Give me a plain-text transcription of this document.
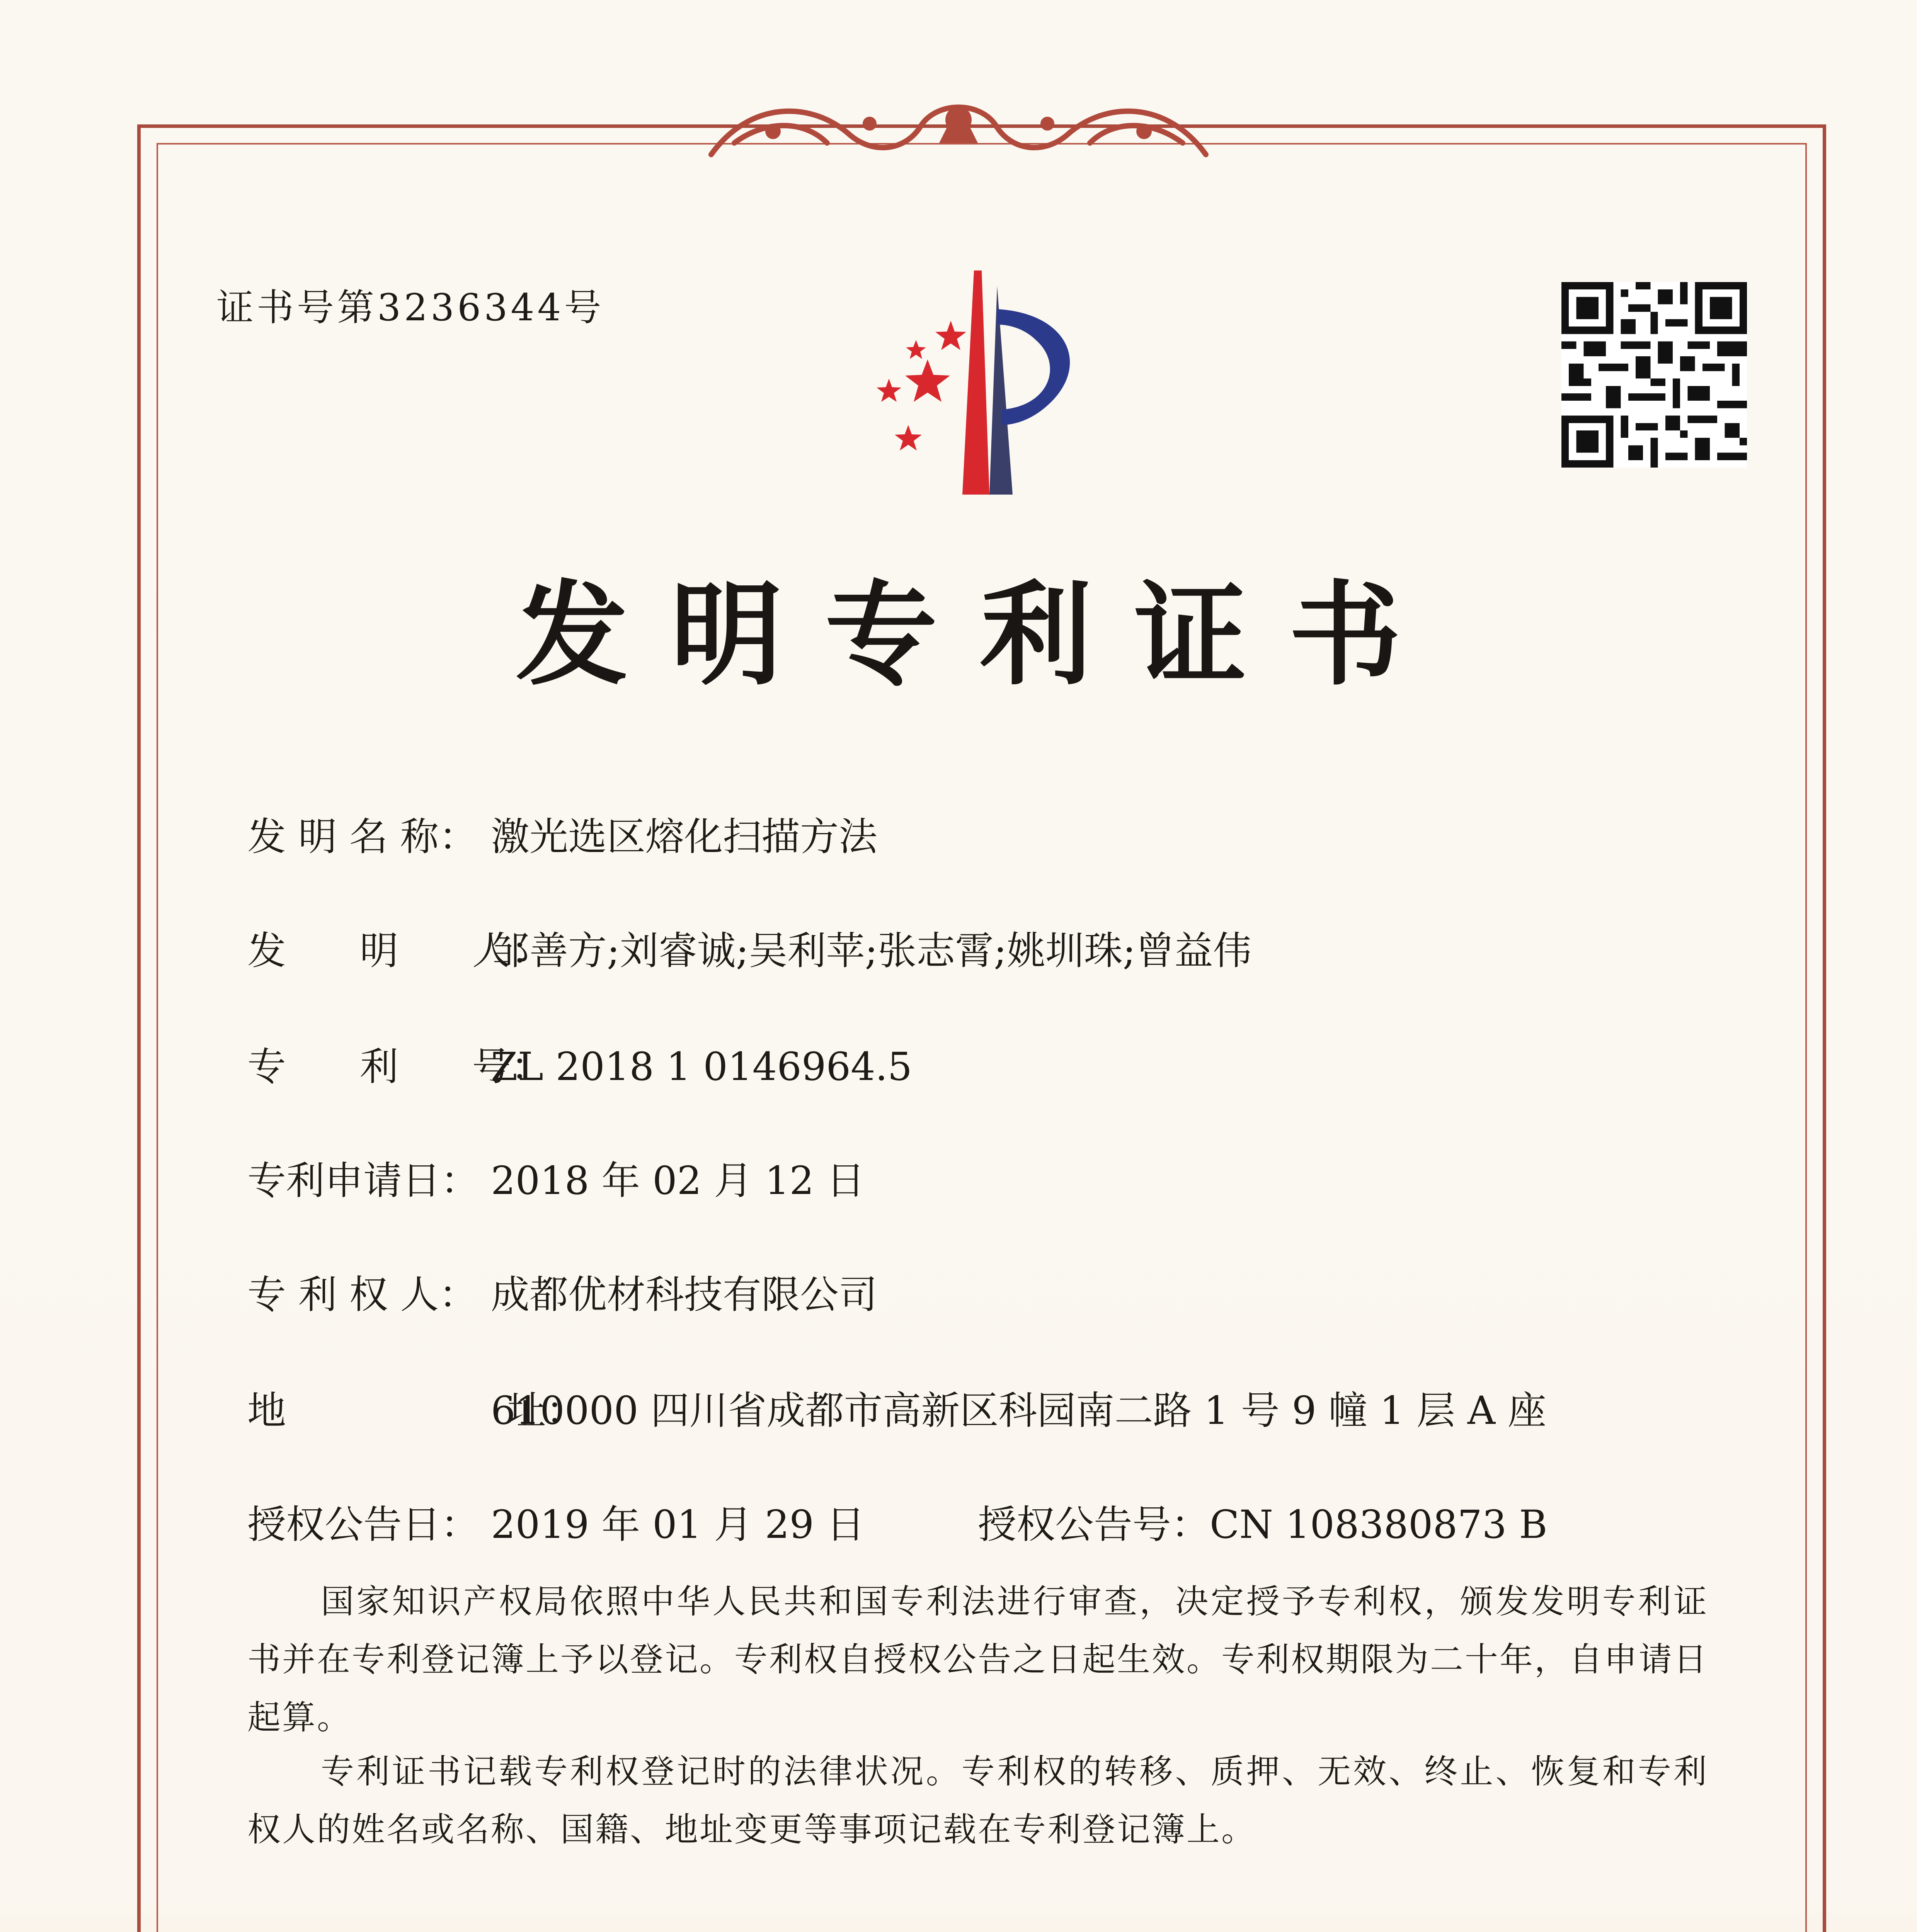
证书号第3236344号
发明专利证书
发 明 名 称： 激光选区熔化扫描方法
发      明      人：邹善方;刘睿诚;吴利苹;张志霄;姚圳珠;曾益伟
专      利      号：ZL 2018 1 0146964.5
专利申请日： 2018 年 02 月 12 日
专 利 权 人： 成都优材科技有限公司
地                  址：610000 四川省成都市高新区科园南二路 1 号 9 幢 1 层 A 座
授权公告日： 2019 年 01 月 29 日	授权公告号：CN 108380873 B
国家知识产权局依照中华人民共和国专利法进行审查，决定授予专利权，颁发发明专利证书并在专利登记簿上予以登记。专利权自授权公告之日起生效。专利权期限为二十年，自申请日起算。
专利证书记载专利权登记时的法律状况。专利权的转移、质押、无效、终止、恢复和专利权人的姓名或名称、国籍、地址变更等事项记载在专利登记簿上。
